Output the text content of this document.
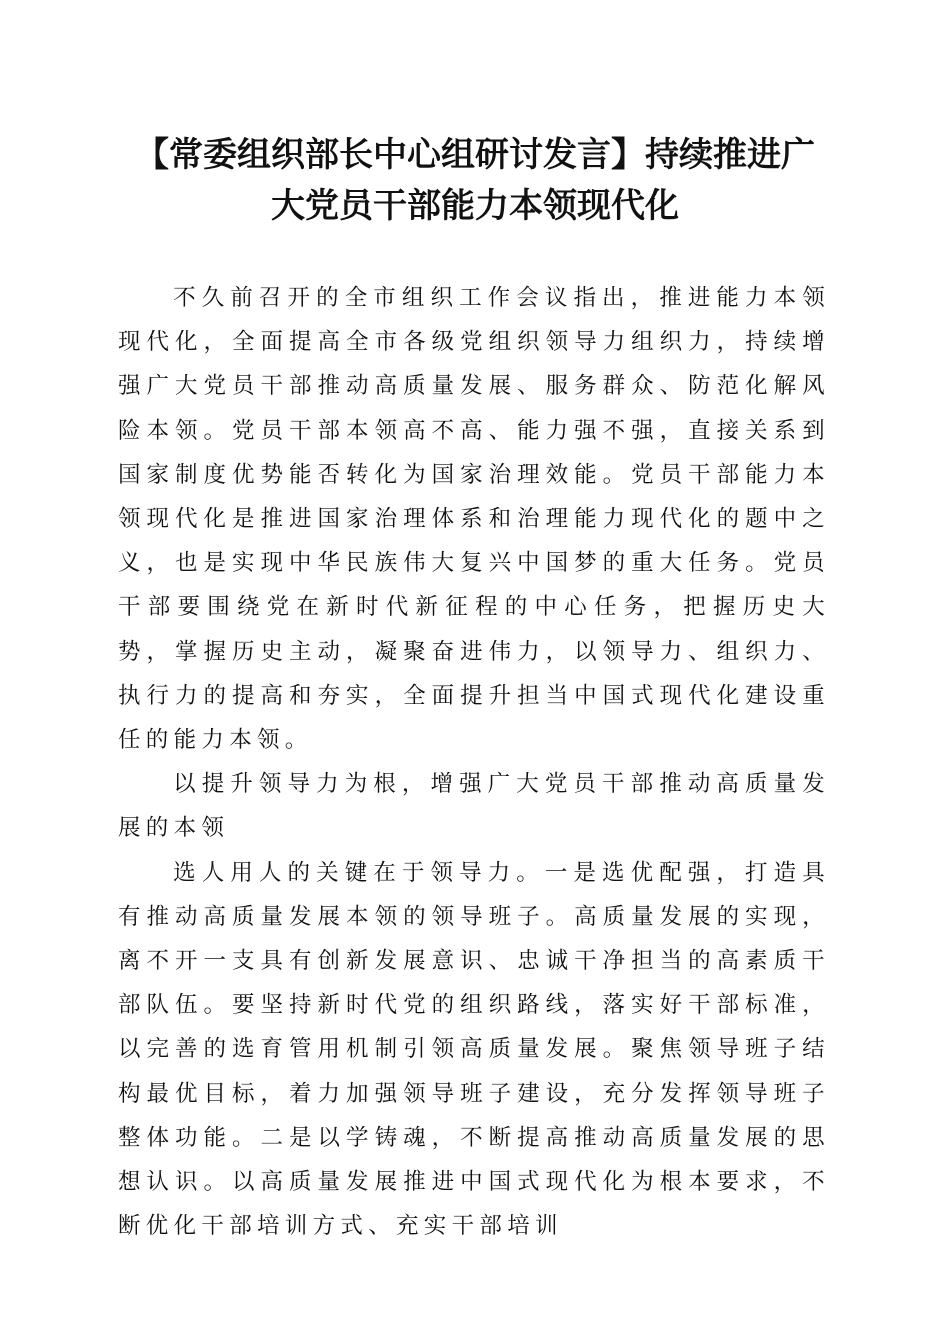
【常委组织部长中心组研讨发言】持续推进广
大党员干部能力本领现代化

不久前召开的全市组织工作会议指出，推进能力本领现代化，全面提高全市各级党组织领导力组织力，持续增强广大党员干部推动高质量发展、服务群众、防范化解风险本领。党员干部本领高不高、能力强不强，直接关系到国家制度优势能否转化为国家治理效能。党员干部能力本领现代化是推进国家治理体系和治理能力现代化的题中之义，也是实现中华民族伟大复兴中国梦的重大任务。党员干部要围绕党在新时代新征程的中心任务，把握历史大势，掌握历史主动，凝聚奋进伟力，以领导力、组织力、执行力的提高和夯实，全面提升担当中国式现代化建设重任的能力本领。

以提升领导力为根，增强广大党员干部推动高质量发展的本领

选人用人的关键在于领导力。一是选优配强，打造具有推动高质量发展本领的领导班子。高质量发展的实现，离不开一支具有创新发展意识、忠诚干净担当的高素质干部队伍。要坚持新时代党的组织路线，落实好干部标准，以完善的选育管用机制引领高质量发展。聚焦领导班子结构最优目标，着力加强领导班子建设，充分发挥领导班子整体功能。二是以学铸魂，不断提高推动高质量发展的思想认识。以高质量发展推进中国式现代化为根本要求，不断优化干部培训方式、充实干部培训
